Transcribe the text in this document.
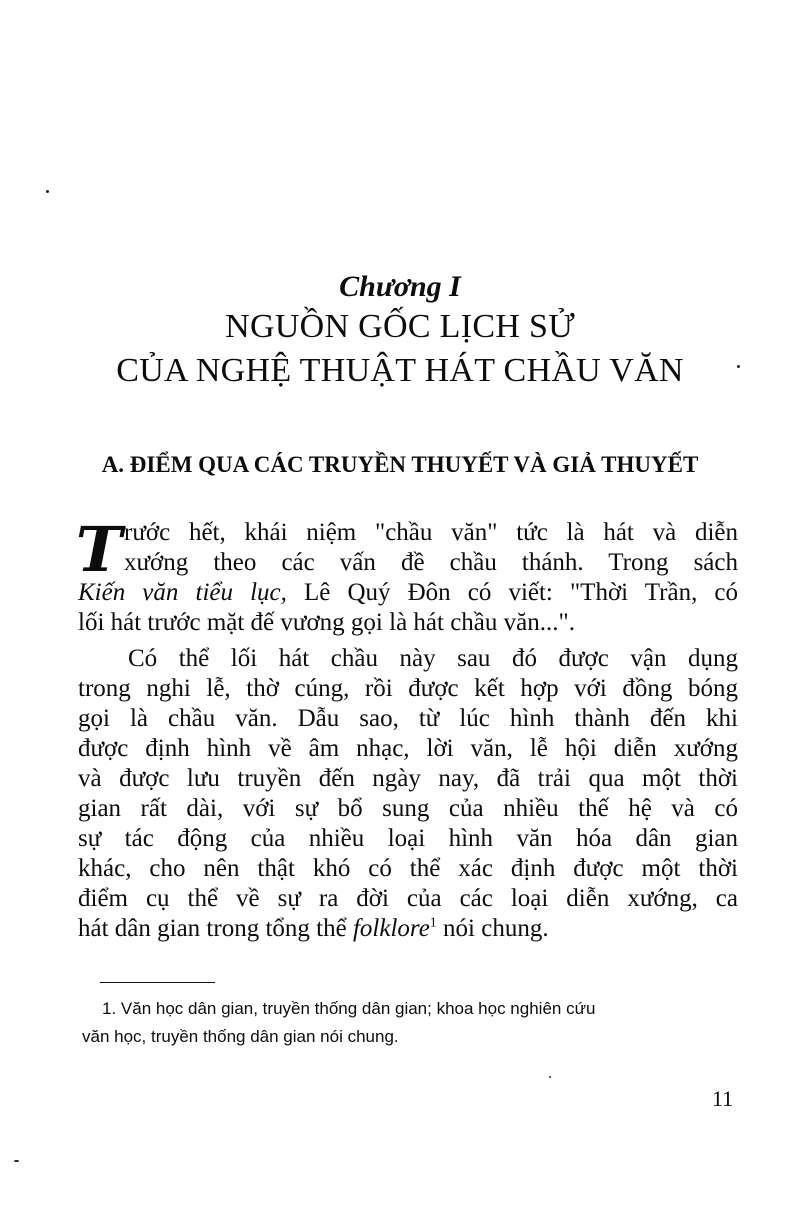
Chương I
NGUỒN GỐC LỊCH SỬ
CỦA NGHỆ THUẬT HÁT CHẦU VĂN
A. ĐIỂM QUA CÁC TRUYỀN THUYẾT VÀ GIẢ THUYẾT
T rước hết, khái niệm "chầu văn" tức là hát và diễn
xướng theo các vấn đề chầu thánh. Trong sách
Kiến văn tiểu lục, Lê Quý Đôn có viết: "Thời Trần, có
lối hát trước mặt đế vương gọi là hát chầu văn...".
Có thể lối hát chầu này sau đó được vận dụng
trong nghi lễ, thờ cúng, rồi được kết hợp với đồng bóng
gọi là chầu văn. Dẫu sao, từ lúc hình thành đến khi
được định hình về âm nhạc, lời văn, lễ hội diễn xướng
và được lưu truyền đến ngày nay, đã trải qua một thời
gian rất dài, với sự bổ sung của nhiều thế hệ và có
sự tác động của nhiều loại hình văn hóa dân gian
khác, cho nên thật khó có thể xác định được một thời
điểm cụ thể về sự ra đời của các loại diễn xướng, ca
hát dân gian trong tổng thể folklore$^1$ nói chung.
1. Văn học dân gian, truyền thống dân gian; khoa học nghiên cứu
văn học, truyền thống dân gian nói chung.
11
